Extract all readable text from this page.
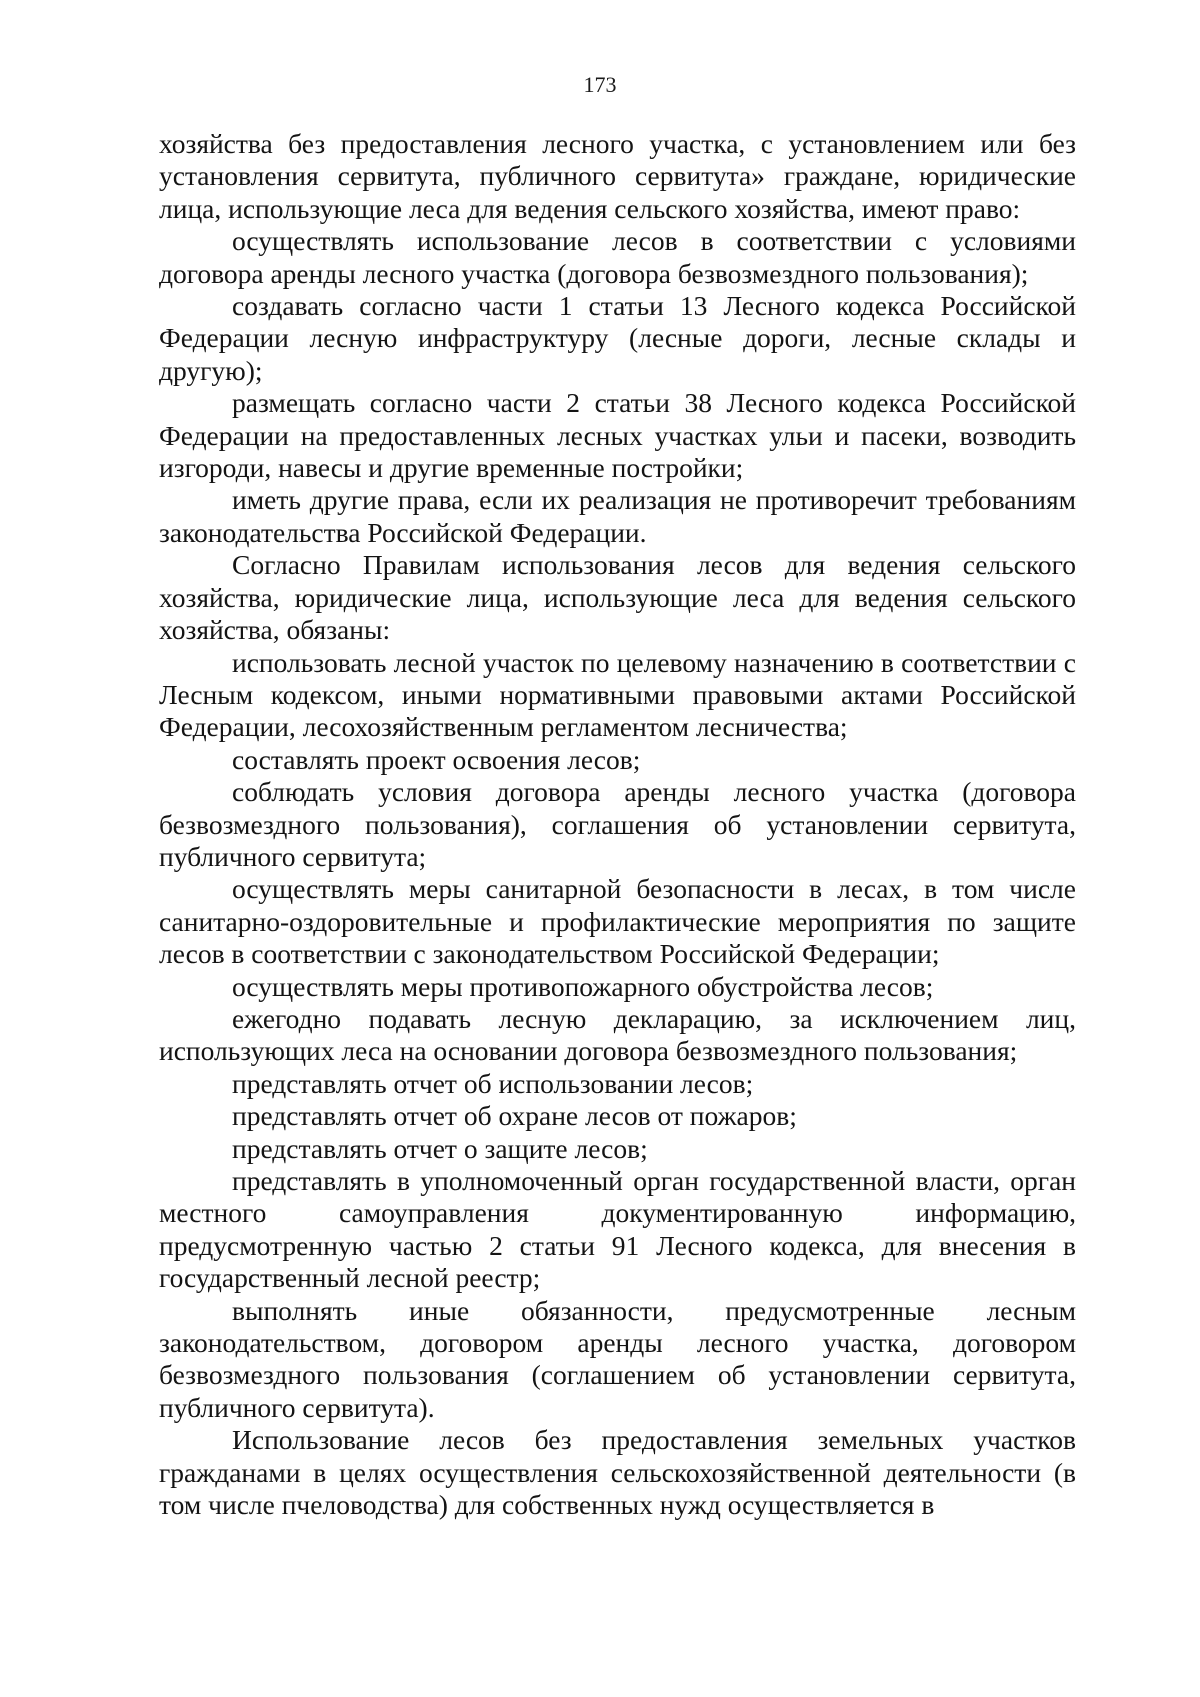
173

хозяйства без предоставления лесного участка, с установлением или без установления сервитута, публичного сервитута» граждане, юридические лица, использующие леса для ведения сельского хозяйства, имеют право:

осуществлять использование лесов в соответствии с условиями договора аренды лесного участка (договора безвозмездного пользования);

создавать согласно части 1 статьи 13 Лесного кодекса Российской Федерации лесную инфраструктуру (лесные дороги, лесные склады и другую);

размещать согласно части 2 статьи 38 Лесного кодекса Российской Федерации на предоставленных лесных участках ульи и пасеки, возводить изгороди, навесы и другие временные постройки;

иметь другие права, если их реализация не противоречит требованиям законодательства Российской Федерации.

Согласно Правилам использования лесов для ведения сельского хозяйства, юридические лица, использующие леса для ведения сельского хозяйства, обязаны:

использовать лесной участок по целевому назначению в соответствии с Лесным кодексом, иными нормативными правовыми актами Российской Федерации, лесохозяйственным регламентом лесничества;

составлять проект освоения лесов;

соблюдать условия договора аренды лесного участка (договора безвозмездного пользования), соглашения об установлении сервитута, публичного сервитута;

осуществлять меры санитарной безопасности в лесах, в том числе санитарно-оздоровительные и профилактические мероприятия по защите лесов в соответствии с законодательством Российской Федерации;

осуществлять меры противопожарного обустройства лесов;

ежегодно подавать лесную декларацию, за исключением лиц, использующих леса на основании договора безвозмездного пользования;

представлять отчет об использовании лесов;

представлять отчет об охране лесов от пожаров;

представлять отчет о защите лесов;

представлять в уполномоченный орган государственной власти, орган местного самоуправления документированную информацию, предусмотренную частью 2 статьи 91 Лесного кодекса, для внесения в государственный лесной реестр;

выполнять иные обязанности, предусмотренные лесным законодательством, договором аренды лесного участка, договором безвозмездного пользования (соглашением об установлении сервитута, публичного сервитута).

Использование лесов без предоставления земельных участков гражданами в целях осуществления сельскохозяйственной деятельности (в том числе пчеловодства) для собственных нужд осуществляется в
